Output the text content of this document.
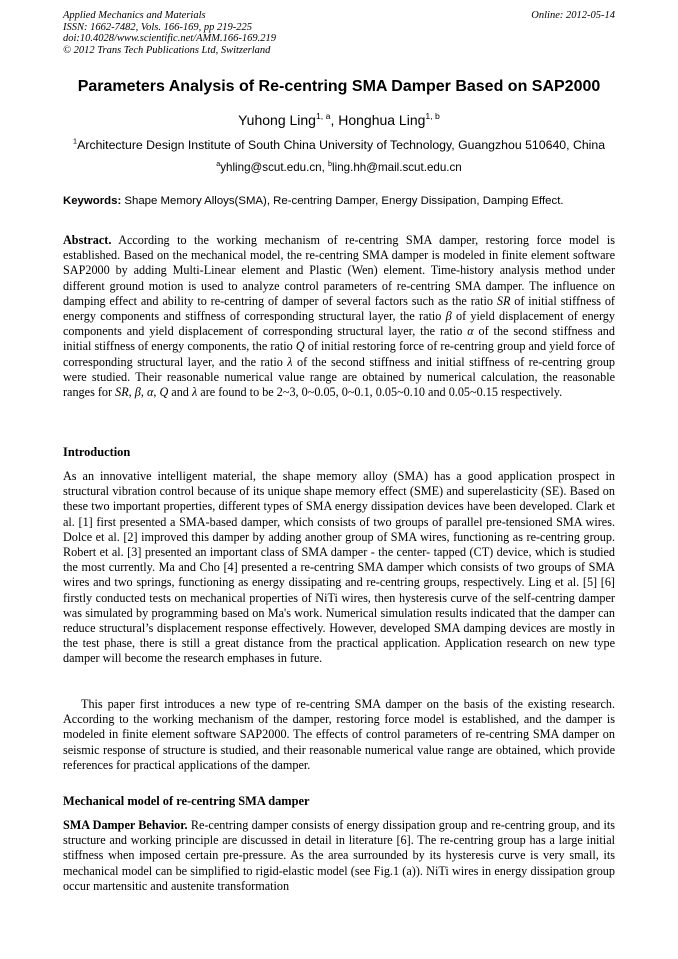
Applied Mechanics and Materials
ISSN: 1662-7482, Vols. 166-169, pp 219-225
doi:10.4028/www.scientific.net/AMM.166-169.219
© 2012 Trans Tech Publications Ltd, Switzerland
Online: 2012-05-14
Parameters Analysis of Re-centring SMA Damper Based on SAP2000
Yuhong Ling$^{1, a}$, Honghua Ling$^{1, b}$
$^1$Architecture Design Institute of South China University of Technology, Guangzhou 510640, China
$^a$yhling@scut.edu.cn, $^b$ling.hh@mail.scut.edu.cn
Keywords: Shape Memory Alloys(SMA), Re-centring Damper, Energy Dissipation, Damping Effect.
Abstract. According to the working mechanism of re-centring SMA damper, restoring force model is established. Based on the mechanical model, the re-centring SMA damper is modeled in finite element software SAP2000 by adding Multi-Linear element and Plastic (Wen) element. Time-history analysis method under different ground motion is used to analyze control parameters of re-centring SMA damper. The influence on damping effect and ability to re-centring of damper of several factors such as the ratio SR of initial stiffness of energy components and stiffness of corresponding structural layer, the ratio β of yield displacement of energy components and yield displacement of corresponding structural layer, the ratio α of the second stiffness and initial stiffness of energy components, the ratio Q of initial restoring force of re-centring group and yield force of corresponding structural layer, and the ratio λ of the second stiffness and initial stiffness of re-centring group were studied. Their reasonable numerical value range are obtained by numerical calculation, the reasonable ranges for SR, β, α, Q and λ are found to be 2~3, 0~0.05, 0~0.1, 0.05~0.10 and 0.05~0.15 respectively.
Introduction
As an innovative intelligent material, the shape memory alloy (SMA) has a good application prospect in structural vibration control because of its unique shape memory effect (SME) and superelasticity (SE). Based on these two important properties, different types of SMA energy dissipation devices have been developed. Clark et al. [1] first presented a SMA-based damper, which consists of two groups of parallel pre-tensioned SMA wires. Dolce et al. [2] improved this damper by adding another group of SMA wires, functioning as re-centring group. Robert et al. [3] presented an important class of SMA damper - the center- tapped (CT) device, which is studied the most currently. Ma and Cho [4] presented a re-centring SMA damper which consists of two groups of SMA wires and two springs, functioning as energy dissipating and re-centring groups, respectively. Ling et al. [5] [6] firstly conducted tests on mechanical properties of NiTi wires, then hysteresis curve of the self-centring damper was simulated by programming based on Ma's work. Numerical simulation results indicated that the damper can reduce structural’s displacement response effectively. However, developed SMA damping devices are mostly in the test phase, there is still a great distance from the practical application. Application research on new type damper will become the research emphases in future.
This paper first introduces a new type of re-centring SMA damper on the basis of the existing research. According to the working mechanism of the damper, restoring force model is established, and the damper is modeled in finite element software SAP2000. The effects of control parameters of re-centring SMA damper on seismic response of structure is studied, and their reasonable numerical value range are obtained, which provide references for practical applications of the damper.
Mechanical model of re-centring SMA damper
SMA Damper Behavior. Re-centring damper consists of energy dissipation group and re-centring group, and its structure and working principle are discussed in detail in literature [6]. The re-centring group has a large initial stiffness when imposed certain pre-pressure. As the area surrounded by its hysteresis curve is very small, its mechanical model can be simplified to rigid-elastic model (see Fig.1 (a)). NiTi wires in energy dissipation group occur martensitic and austenite transformation
